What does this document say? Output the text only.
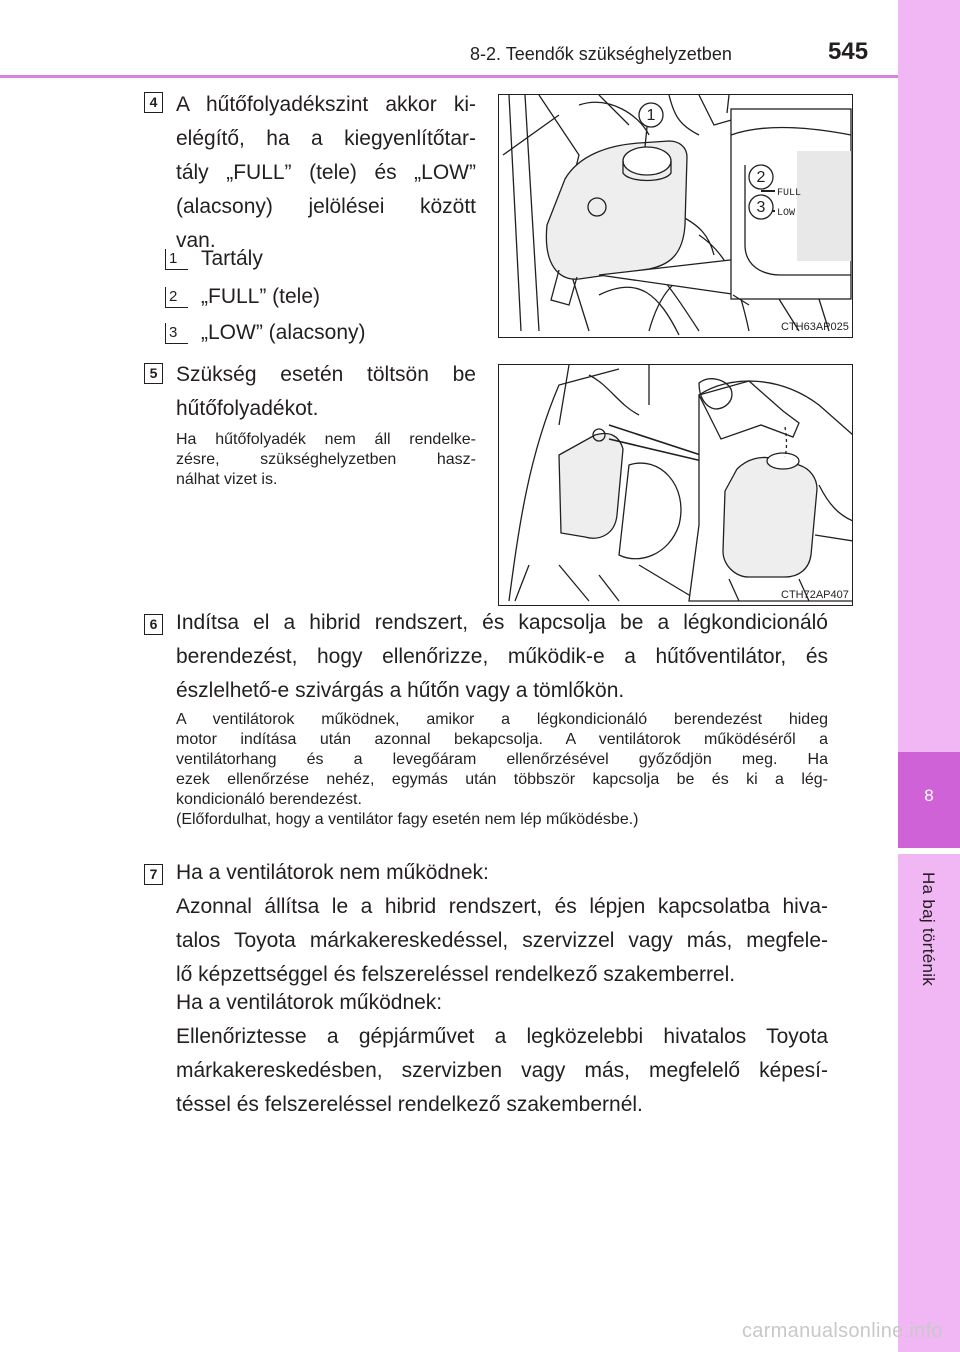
8
Ha baj történik
8-2. Teendők szükséghelyzetben	545
4 A hűtőfolyadékszint akkor ki-
elégítő, ha a kiegyenlítőtar-
tály „FULL” (tele) és „LOW”
(alacsony) jelölései között
van.
1	Tartály
2	„FULL” (tele)
3	„LOW” (alacsony)
1
2
3
FULL
LOW
CTH63AP025
5 Szükség esetén töltsön be
hűtőfolyadékot.
Ha hűtőfolyadék nem áll rendelke-
zésre, szükséghelyzetben hasz-
nálhat vizet is.
CTH72AP407
6 Indítsa el a hibrid rendszert, és kapcsolja be a légkondicionáló
berendezést, hogy ellenőrizze, működik-e a hűtőventilátor, és
észlelhető-e szivárgás a hűtőn vagy a tömlőkön.
A ventilátorok működnek, amikor a légkondicionáló berendezést hideg
motor indítása után azonnal bekapcsolja. A ventilátorok működéséről a
ventilátorhang és a levegőáram ellenőrzésével győződjön meg. Ha
ezek ellenőrzése nehéz, egymás után többször kapcsolja be és ki a lég-
kondicionáló berendezést.
(Előfordulhat, hogy a ventilátor fagy esetén nem lép működésbe.)
7 Ha a ventilátorok nem működnek:
Azonnal állítsa le a hibrid rendszert, és lépjen kapcsolatba hiva-
talos Toyota márkakereskedéssel, szervizzel vagy más, megfele-
lő képzettséggel és felszereléssel rendelkező szakemberrel.
Ha a ventilátorok működnek:
Ellenőriztesse a gépjárművet a legközelebbi hivatalos Toyota
márkakereskedésben, szervizben vagy más, megfelelő képesí-
téssel és felszereléssel rendelkező szakembernél.
carmanualsonline.info
